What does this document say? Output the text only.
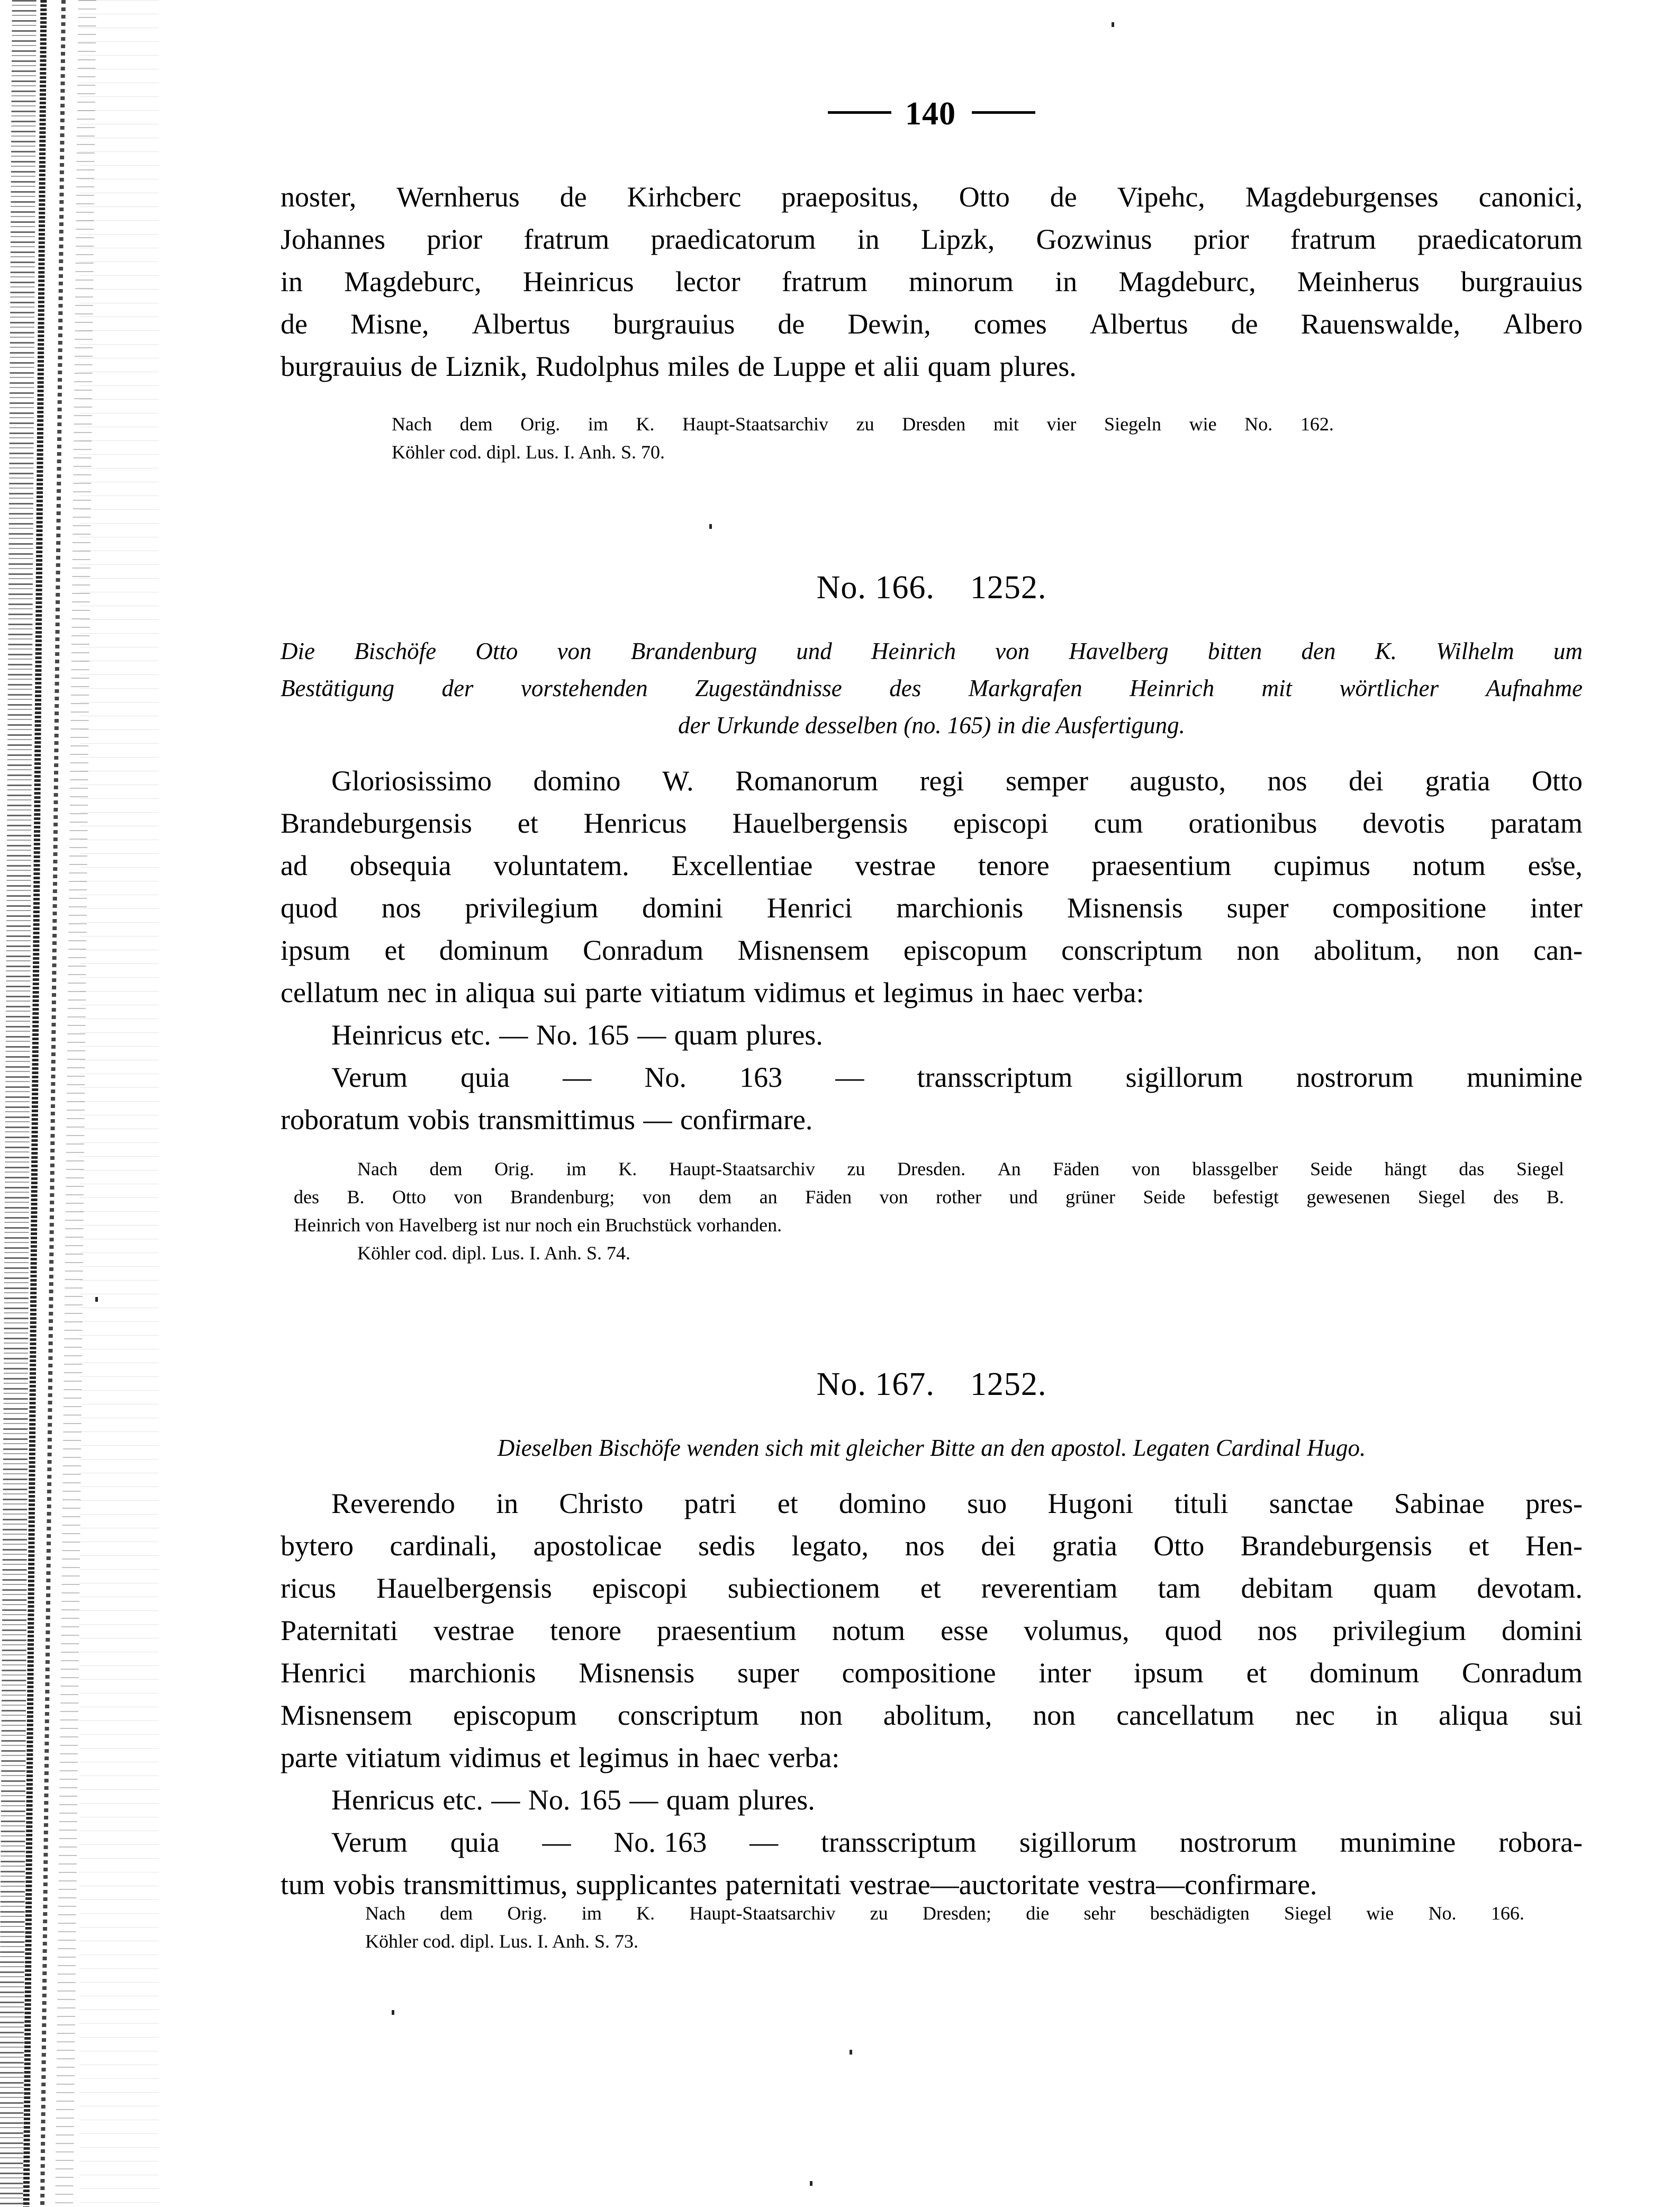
140
noster, Wernherus de Kirhcberc praepositus, Otto de Vipehc, Magdeburgenses canonici,
Johannes prior fratrum praedicatorum in Lipzk, Gozwinus prior fratrum praedicatorum
in Magdeburc, Heinricus lector fratrum minorum in Magdeburc, Meinherus burgrauius
de Misne, Albertus burgrauius de Dewin, comes Albertus de Rauenswalde, Albero
burgrauius de Liznik, Rudolphus miles de Luppe et alii quam plures.
Nach dem Orig. im K. Haupt-Staatsarchiv zu Dresden mit vier Siegeln wie No. 162.
Köhler cod. dipl. Lus. I. Anh. S. 70.
No. 166. 1252.
Die Bischöfe Otto von Brandenburg und Heinrich von Havelberg bitten den K. Wilhelm um
Bestätigung der vorstehenden Zugeständnisse des Markgrafen Heinrich mit wörtlicher Aufnahme
der Urkunde desselben (no. 165) in die Ausfertigung.
Gloriosissimo domino W. Romanorum regi semper augusto, nos dei gratia Otto
Brandeburgensis et Henricus Hauelbergensis episcopi cum orationibus devotis paratam
ad obsequia voluntatem. Excellentiae vestrae tenore praesentium cupimus notum esse,
quod nos privilegium domini Henrici marchionis Misnensis super compositione inter
ipsum et dominum Conradum Misnensem episcopum conscriptum non abolitum, non can-
cellatum nec in aliqua sui parte vitiatum vidimus et legimus in haec verba:
Heinricus etc. — No. 165 — quam plures.
Verum quia — No. 163 — transscriptum sigillorum nostrorum munimine
roboratum vobis transmittimus — confirmare.
Nach dem Orig. im K. Haupt-Staatsarchiv zu Dresden. An Fäden von blassgelber Seide hängt das Siegel
des B. Otto von Brandenburg; von dem an Fäden von rother und grüner Seide befestigt gewesenen Siegel des B.
Heinrich von Havelberg ist nur noch ein Bruchstück vorhanden.
Köhler cod. dipl. Lus. I. Anh. S. 74.
No. 167. 1252.
Dieselben Bischöfe wenden sich mit gleicher Bitte an den apostol. Legaten Cardinal Hugo.
Reverendo in Christo patri et domino suo Hugoni tituli sanctae Sabinae pres-
bytero cardinali, apostolicae sedis legato, nos dei gratia Otto Brandeburgensis et Hen-
ricus Hauelbergensis episcopi subiectionem et reverentiam tam debitam quam devotam.
Paternitati vestrae tenore praesentium notum esse volumus, quod nos privilegium domini
Henrici marchionis Misnensis super compositione inter ipsum et dominum Conradum
Misnensem episcopum conscriptum non abolitum, non cancellatum nec in aliqua sui
parte vitiatum vidimus et legimus in haec verba:
Henricus etc. — No. 165 — quam plures.
Verum quia — No. 163 — transscriptum sigillorum nostrorum munimine robora-
tum vobis transmittimus, supplicantes paternitati vestrae—auctoritate vestra—confirmare.
Nach dem Orig. im K. Haupt-Staatsarchiv zu Dresden; die sehr beschädigten Siegel wie No. 166.
Köhler cod. dipl. Lus. I. Anh. S. 73.
